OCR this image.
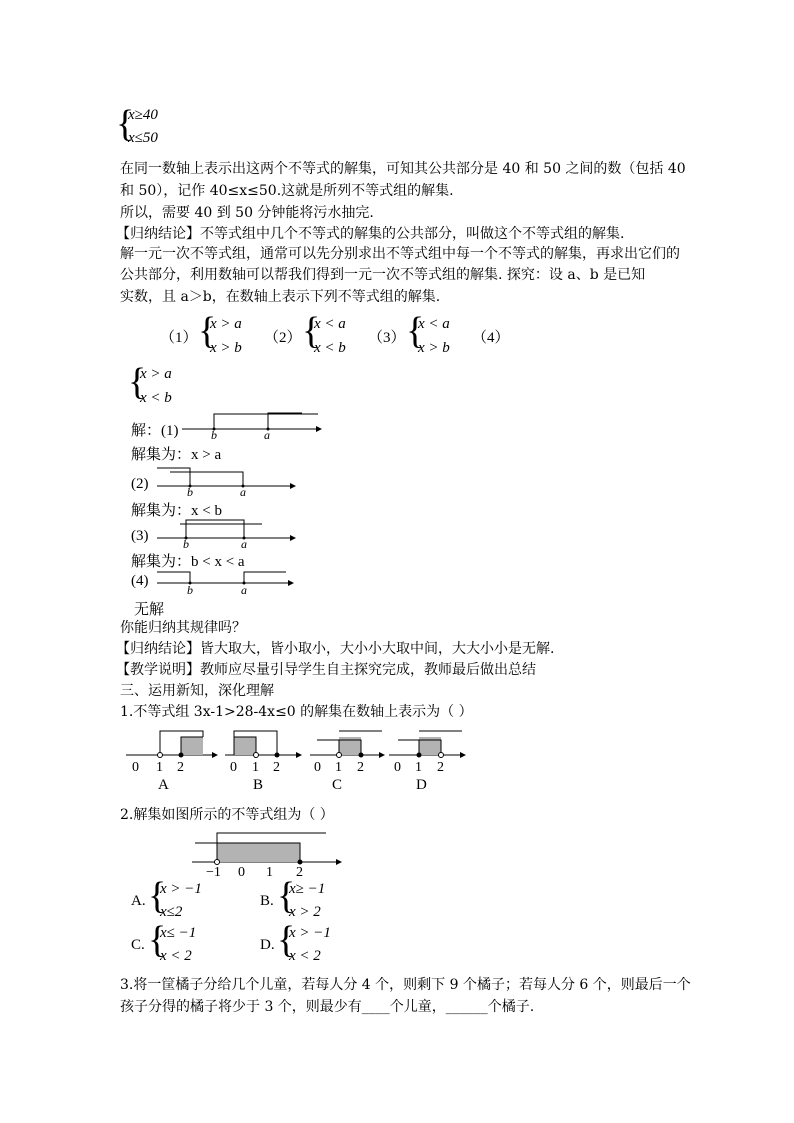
{
x≥40
x≤50
在同一数轴上表示出这两个不等式的解集，可知其公共部分是 40 和 50 之间的数（包括 40
和 50），记作 40≤x≤50.这就是所列不等式组的解集.
所以，需要 40 到 50 分钟能将污水抽完.
【归纳结论】不等式组中几个不等式的解集的公共部分，叫做这个不等式组的解集.
解一元一次不等式组，通常可以先分别求出不等式组中每一个不等式的解集，再求出它们的
公共部分，利用数轴可以帮我们得到一元一次不等式组的解集. 探究：设 a、b 是已知
实数，且 a＞b，在数轴上表示下列不等式组的解集.
（1） {
x > a
x > b
（2） {
x < a
x < b
（3） {
x < a
x > b
（4）
{
x > a
x < b
解：(1)	b	a
解集为：x > a
(2)	b	a
解集为：x < b
(3)	b	a
解集为：b < x < a
(4)
b	a
无解
你能归纳其规律吗？
【归纳结论】皆大取大，皆小取小，大小小大取中间，大大小小是无解.
【教学说明】教师应尽量引导学生自主探究完成，教师最后做出总结
三、运用新知，深化理解
1.不等式组 3x-1>28-4x≤0 的解集在数轴上表示为（ ）
0 1 2
A
0 1 2
B
0 1 2
C
0 1 2
D
2.解集如图所示的不等式组为（ ）
−1 0 1 2
A. {
x > −1
x≤2
B. {
x≥ −1
x > 2
C. {
x≤ −1
x < 2
D. {
x > −1
x < 2
3.将一筐橘子分给几个儿童，若每人分 4 个，则剩下 9 个橘子；若每人分 6 个，则最后一个
孩子分得的橘子将少于 3 个，则最少有____个儿童，______个橘子.
